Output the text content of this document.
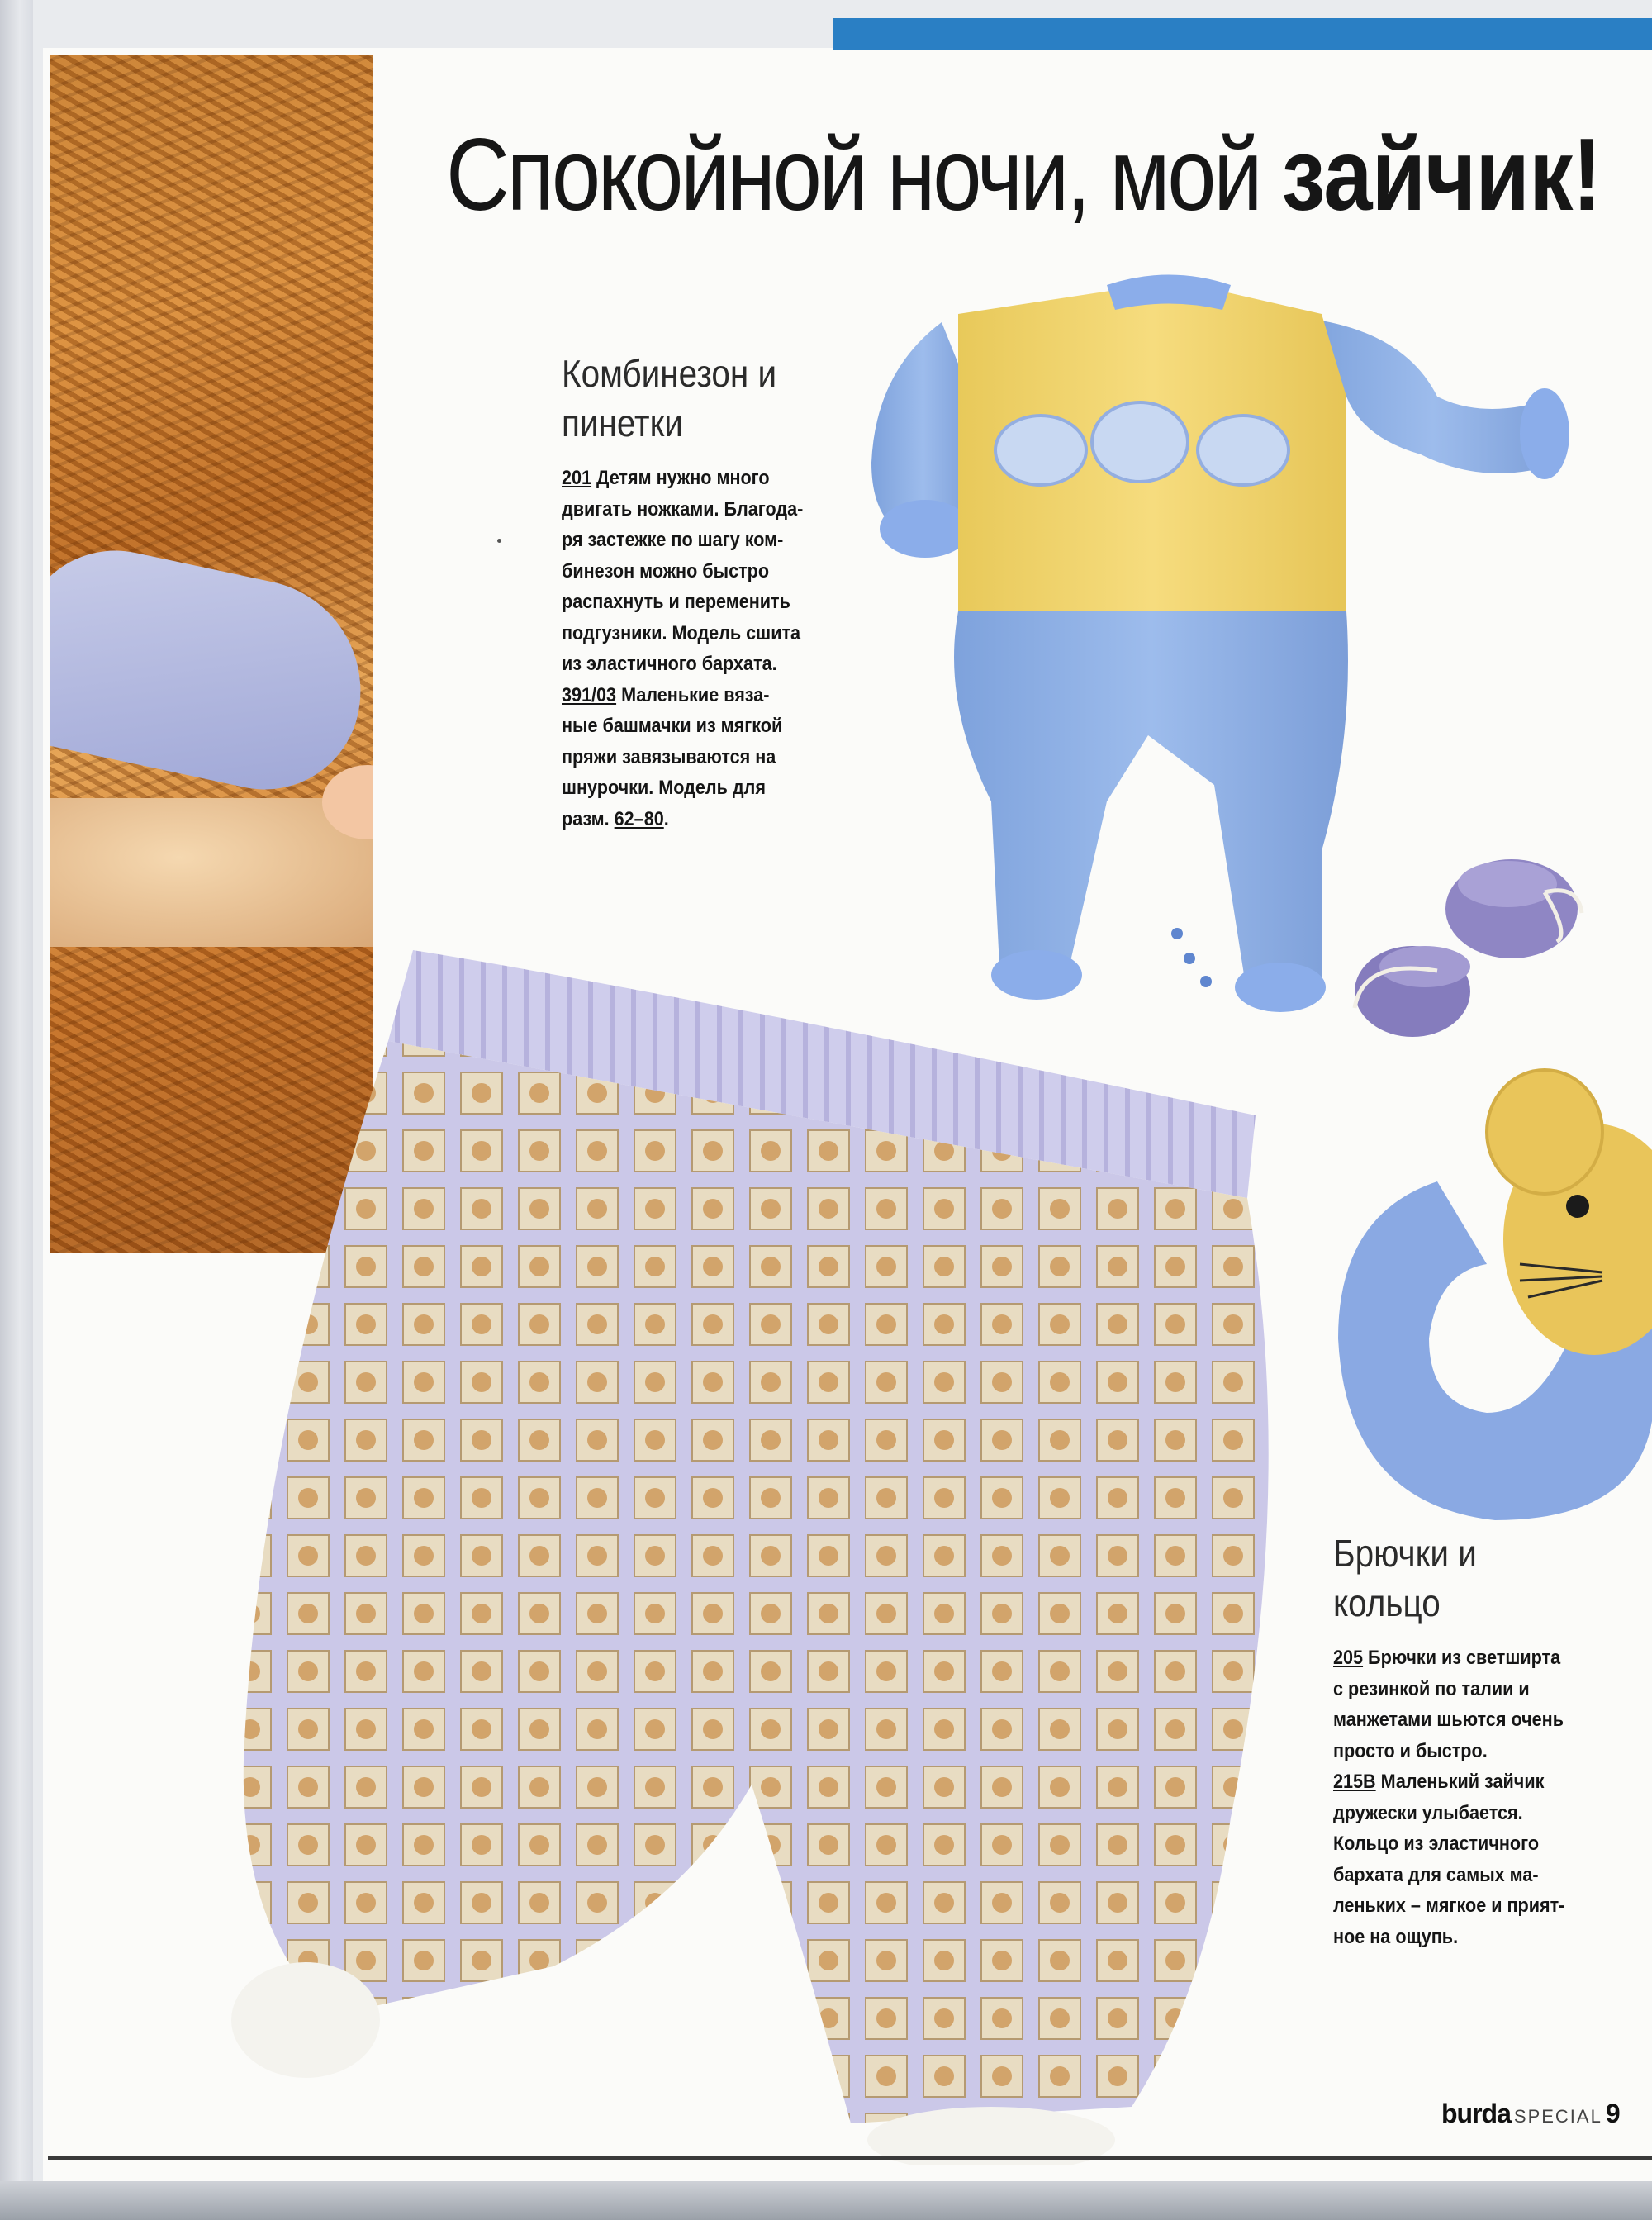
Спокойной ночи, мой зайчик!
Комбинезон и
пинетки
201 Детям нужно много
двигать ножками. Благода-
ря застежке по шагу ком-
бинезон можно быстро
распахнуть и переменить
подгузники. Модель сшита
из эластичного бархата.
391/03 Маленькие вяза-
ные башмачки из мягкой
пряжи завязываются на
шнурочки. Модель для
разм. 62–80.
Брючки и
кольцо
205 Брючки из светширта
с резинкой по талии и
манжетами шьются очень
просто и быстро.
215В Маленький зайчик
дружески улыбается.
Кольцо из эластичного
бархата для самых ма-
леньких – мягкое и прият-
ное на ощупь.
burda SPECIAL 9
